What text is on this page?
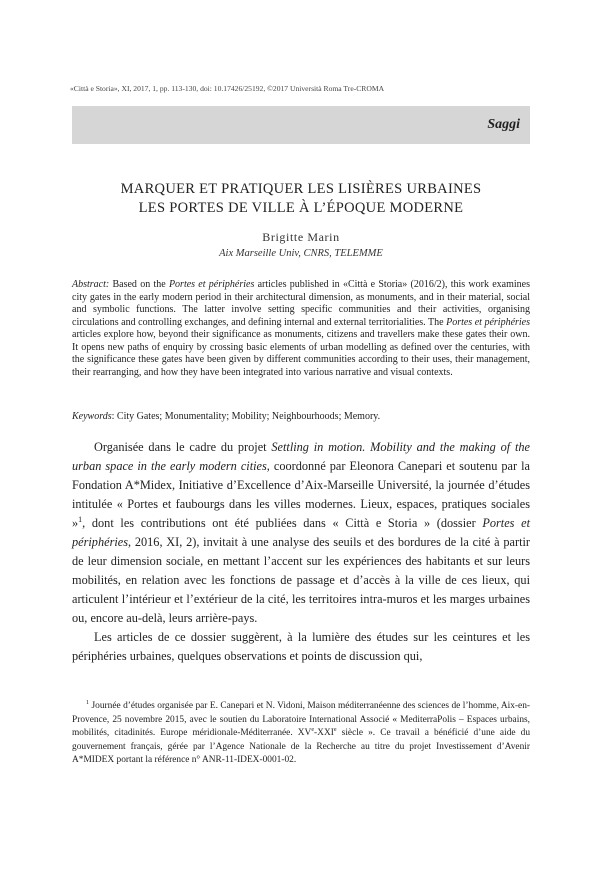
«Città e Storia», XI, 2017, 1, pp. 113-130, doi: 10.17426/25192, ©2017 Università Roma Tre-CROMA
Saggi
MARQUER ET PRATIQUER LES LISIÈRES URBAINES
LES PORTES DE VILLE À L’ÉPOQUE MODERNE
Brigitte Marin
Aix Marseille Univ, CNRS, TELEMME
Abstract: Based on the Portes et périphéries articles published in «Città e Storia» (2016/2), this work examines city gates in the early modern period in their architectural dimension, as monuments, and in their material, social and symbolic functions. The latter involve setting specific communities and their activities, organising circulations and controlling exchanges, and defining internal and external territorialities. The Portes et périphéries articles explore how, beyond their significance as monuments, citizens and travellers make these gates their own. It opens new paths of enquiry by crossing basic elements of urban modelling as defined over the centuries, with the significance these gates have been given by different communities according to their uses, their management, their rearranging, and how they have been integrated into various narrative and visual contexts.
Keywords: City Gates; Monumentality; Mobility; Neighbourhoods; Memory.

Organisée dans le cadre du projet Settling in motion. Mobility and the making of the urban space in the early modern cities, coordonné par Eleonora Canepari et soutenu par la Fondation A*Midex, Initiative d’Excellence d’Aix-Marseille Université, la journée d’études intitulée « Portes et faubourgs dans les villes modernes. Lieux, espaces, pratiques sociales »$^1$, dont les contributions ont été publiées dans « Città e Storia » (dossier Portes et périphéries, 2016, XI, 2), invitait à une analyse des seuils et des bordures de la cité à partir de leur dimension sociale, en mettant l’accent sur les expériences des habitants et sur leurs mobilités, en relation avec les fonctions de passage et d’accès à la ville de ces lieux, qui articulent l’intérieur et l’extérieur de la cité, les territoires intra-muros et les marges urbaines ou, encore au-delà, leurs arrière-pays.

Les articles de ce dossier suggèrent, à la lumière des études sur les ceintures et les périphéries urbaines, quelques observations et points de discussion qui,

$^1$ Journée d’études organisée par E. Canepari et N. Vidoni, Maison méditerranéenne des sciences de l’homme, Aix-en-Provence, 25 novembre 2015, avec le soutien du Laboratoire International Associé « MediterraPolis – Espaces urbains, mobilités, citadinités. Europe méridionale-Méditerranée. XVe-XXIe siècle ». Ce travail a bénéficié d’une aide du gouvernement français, gérée par l’Agence Nationale de la Recherche au titre du projet Investissement d’Avenir A*MIDEX portant la référence n° ANR-11-IDEX-0001-02.
